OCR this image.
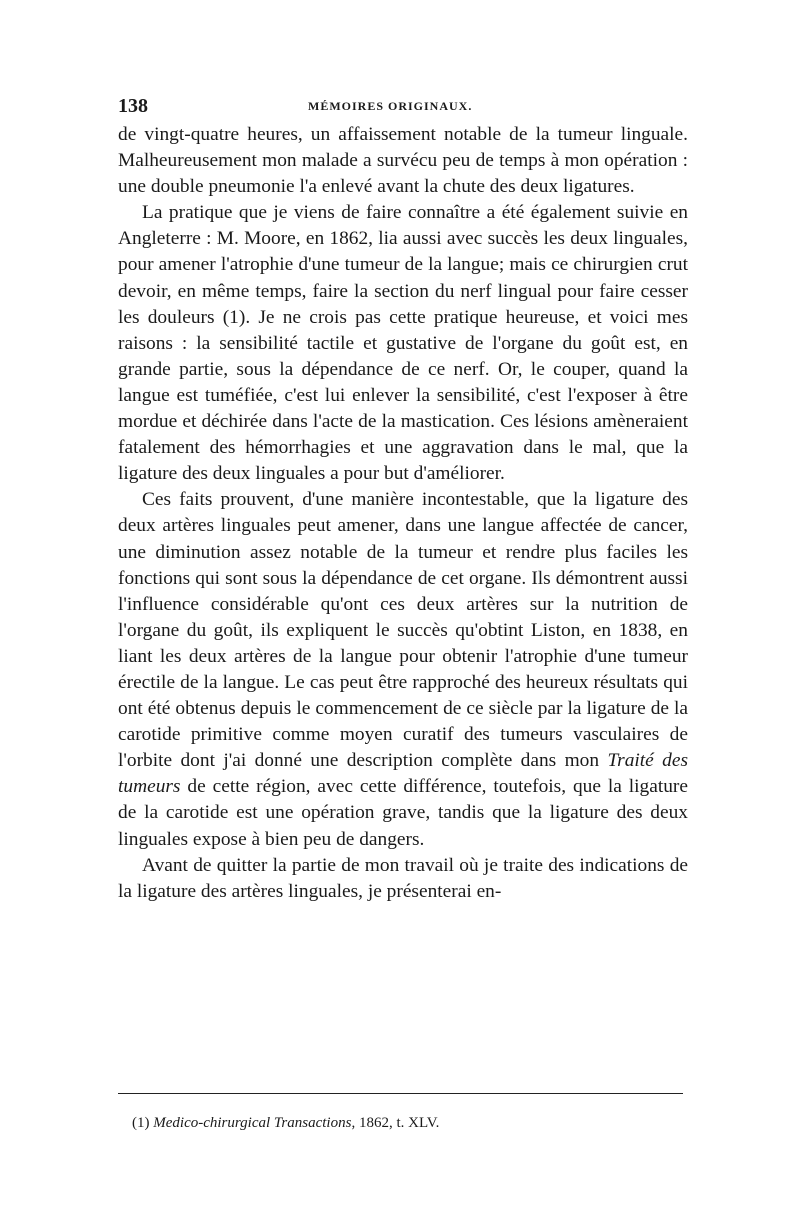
138	MÉMOIRES ORIGINAUX.

de vingt-quatre heures, un affaissement notable de la tumeur linguale. Malheureusement mon malade a survécu peu de temps à mon opération : une double pneumonie l'a enlevé avant la chute des deux ligatures.

La pratique que je viens de faire connaître a été également suivie en Angleterre : M. Moore, en 1862, lia aussi avec succès les deux linguales, pour amener l'atrophie d'une tumeur de la langue; mais ce chirurgien crut devoir, en même temps, faire la section du nerf lingual pour faire cesser les douleurs (1). Je ne crois pas cette pratique heureuse, et voici mes raisons : la sensibilité tactile et gustative de l'organe du goût est, en grande partie, sous la dépendance de ce nerf. Or, le couper, quand la langue est tuméfiée, c'est lui enlever la sensibilité, c'est l'exposer à être mordue et déchirée dans l'acte de la mastication. Ces lésions amèneraient fatalement des hémorrhagies et une aggravation dans le mal, que la ligature des deux linguales a pour but d'améliorer.

Ces faits prouvent, d'une manière incontestable, que la ligature des deux artères linguales peut amener, dans une langue affectée de cancer, une diminution assez notable de la tumeur et rendre plus faciles les fonctions qui sont sous la dépendance de cet organe. Ils démontrent aussi l'influence considérable qu'ont ces deux artères sur la nutrition de l'organe du goût, ils expliquent le succès qu'obtint Liston, en 1838, en liant les deux artères de la langue pour obtenir l'atrophie d'une tumeur érectile de la langue. Le cas peut être rapproché des heureux résultats qui ont été obtenus depuis le commencement de ce siècle par la ligature de la carotide primitive comme moyen curatif des tumeurs vasculaires de l'orbite dont j'ai donné une description complète dans mon Traité des tumeurs de cette région, avec cette différence, toutefois, que la ligature de la carotide est une opération grave, tandis que la ligature des deux linguales expose à bien peu de dangers.

Avant de quitter la partie de mon travail où je traite des indications de la ligature des artères linguales, je présenterai en-

(1) Medico-chirurgical Transactions, 1862, t. XLV.
